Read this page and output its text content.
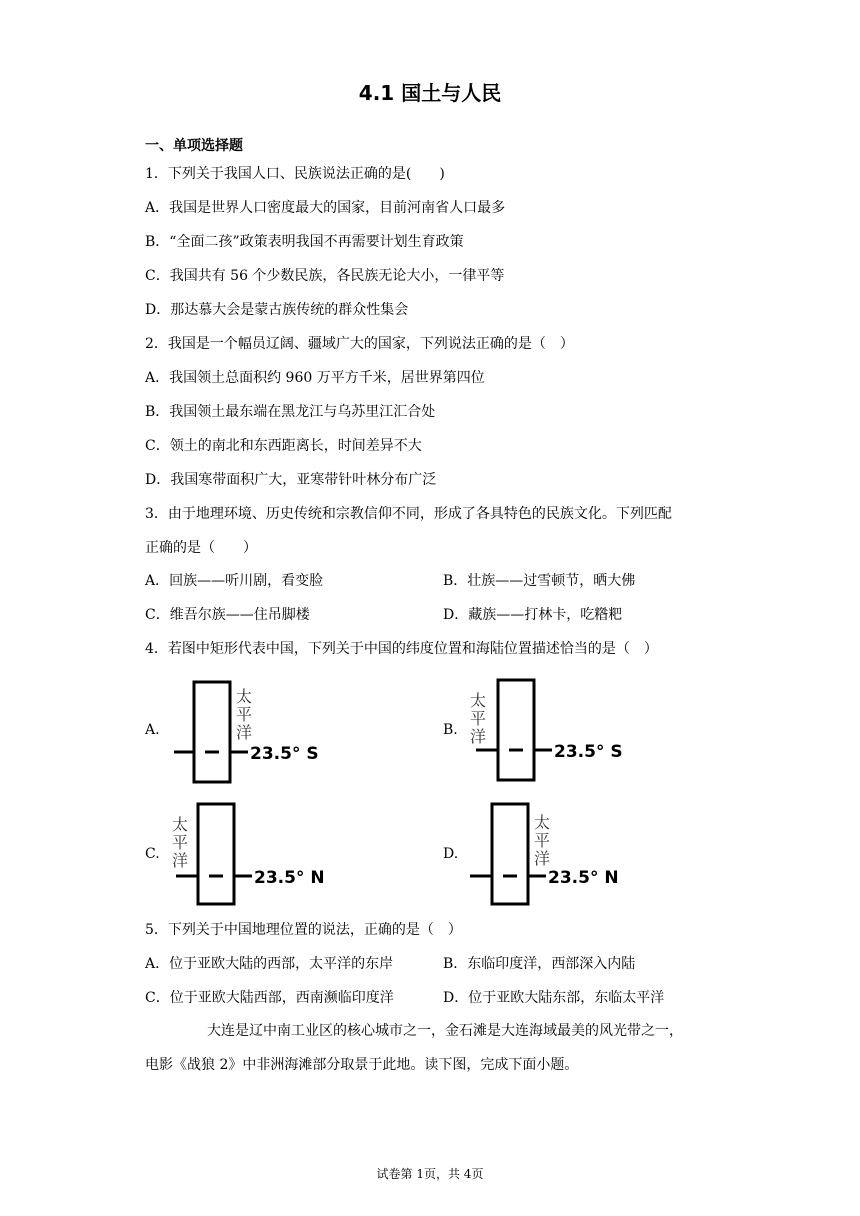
4.1 国土与人民
一、单项选择题
1．下列关于我国人口、民族说法正确的是(　　)
A．我国是世界人口密度最大的国家，目前河南省人口最多
B．“全面二孩”政策表明我国不再需要计划生育政策
C．我国共有 56 个少数民族，各民族无论大小，一律平等
D．那达慕大会是蒙古族传统的群众性集会
2．我国是一个幅员辽阔、疆域广大的国家，下列说法正确的是（　）
A．我国领土总面积约 960 万平方千米，居世界第四位
B．我国领土最东端在黑龙江与乌苏里江汇合处
C．领土的南北和东西距离长，时间差异不大
D．我国寒带面积广大，亚寒带针叶林分布广泛
3．由于地理环境、历史传统和宗教信仰不同，形成了各具特色的民族文化。下列匹配
正确的是（　　）
A．回族——听川剧，看变脸	B．壮族——过雪顿节，晒大佛
C．维吾尔族——住吊脚楼	D．藏族——打林卡，吃糌粑
4．若图中矩形代表中国，下列关于中国的纬度位置和海陆位置描述恰当的是（　）
A.
太
平
洋
23.5° S
B.
太
平
洋
23.5° S
C.
太
平
洋
23.5° N
D.
太
平
洋
23.5° N
5．下列关于中国地理位置的说法，正确的是（　）
A．位于亚欧大陆的西部，太平洋的东岸	B．东临印度洋，西部深入内陆
C．位于亚欧大陆西部，西南濒临印度洋	D．位于亚欧大陆东部，东临太平洋
大连是辽中南工业区的核心城市之一，金石滩是大连海域最美的风光带之一，
电影《战狼 2》中非洲海滩部分取景于此地。读下图，完成下面小题。
试卷第 1页，共 4页
